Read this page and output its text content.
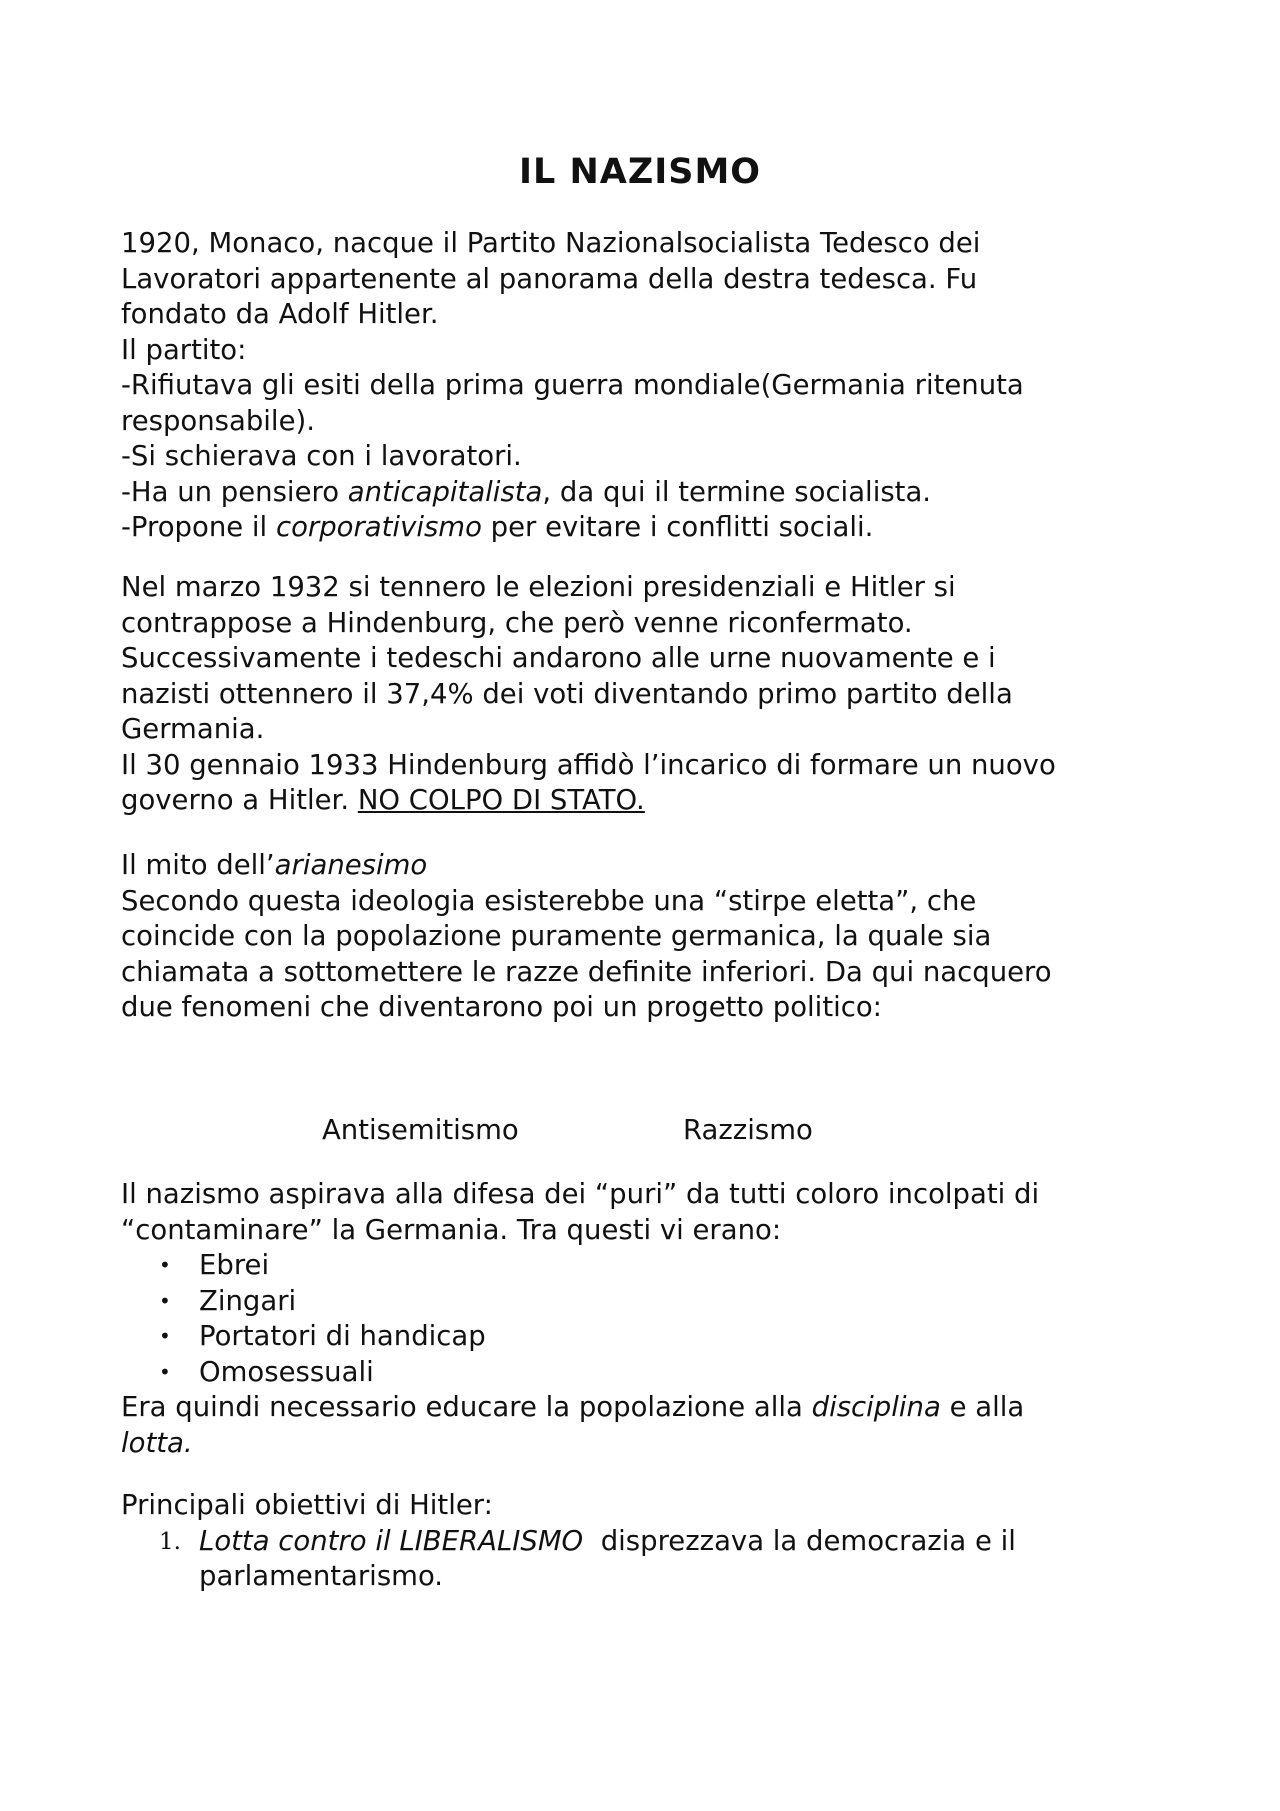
IL NAZISMO

1920, Monaco, nacque il Partito Nazionalsocialista Tedesco dei

Lavoratori appartenente al panorama della destra tedesca. Fu

fondato da Adolf Hitler.

Il partito:

-Rifiutava gli esiti della prima guerra mondiale(Germania ritenuta

responsabile).

-Si schierava con i lavoratori.

-Ha un pensiero anticapitalista, da qui il termine socialista.

-Propone il corporativismo per evitare i conflitti sociali.

Nel marzo 1932 si tennero le elezioni presidenziali e Hitler si

contrappose a Hindenburg, che però venne riconfermato.

Successivamente i tedeschi andarono alle urne nuovamente e i

nazisti ottennero il 37,4% dei voti diventando primo partito della

Germania.

Il 30 gennaio 1933 Hindenburg affidò l’incarico di formare un nuovo

governo a Hitler. NO COLPO DI STATO.

Il mito dell’arianesimo

Secondo questa ideologia esisterebbe una “stirpe eletta”, che

coincide con la popolazione puramente germanica, la quale sia

chiamata a sottomettere le razze definite inferiori. Da qui nacquero

due fenomeni che diventarono poi un progetto politico:

Antisemitismo	Razzismo

Il nazismo aspirava alla difesa dei “puri” da tutti coloro incolpati di

“contaminare” la Germania. Tra questi vi erano:

• Ebrei
• Zingari
• Portatori di handicap
• Omosessuali

Era quindi necessario educare la popolazione alla disciplina e alla

lotta.

Principali obiettivi di Hitler:

1. Lotta contro il LIBERALISMO  disprezzava la democrazia e il
parlamentarismo.
